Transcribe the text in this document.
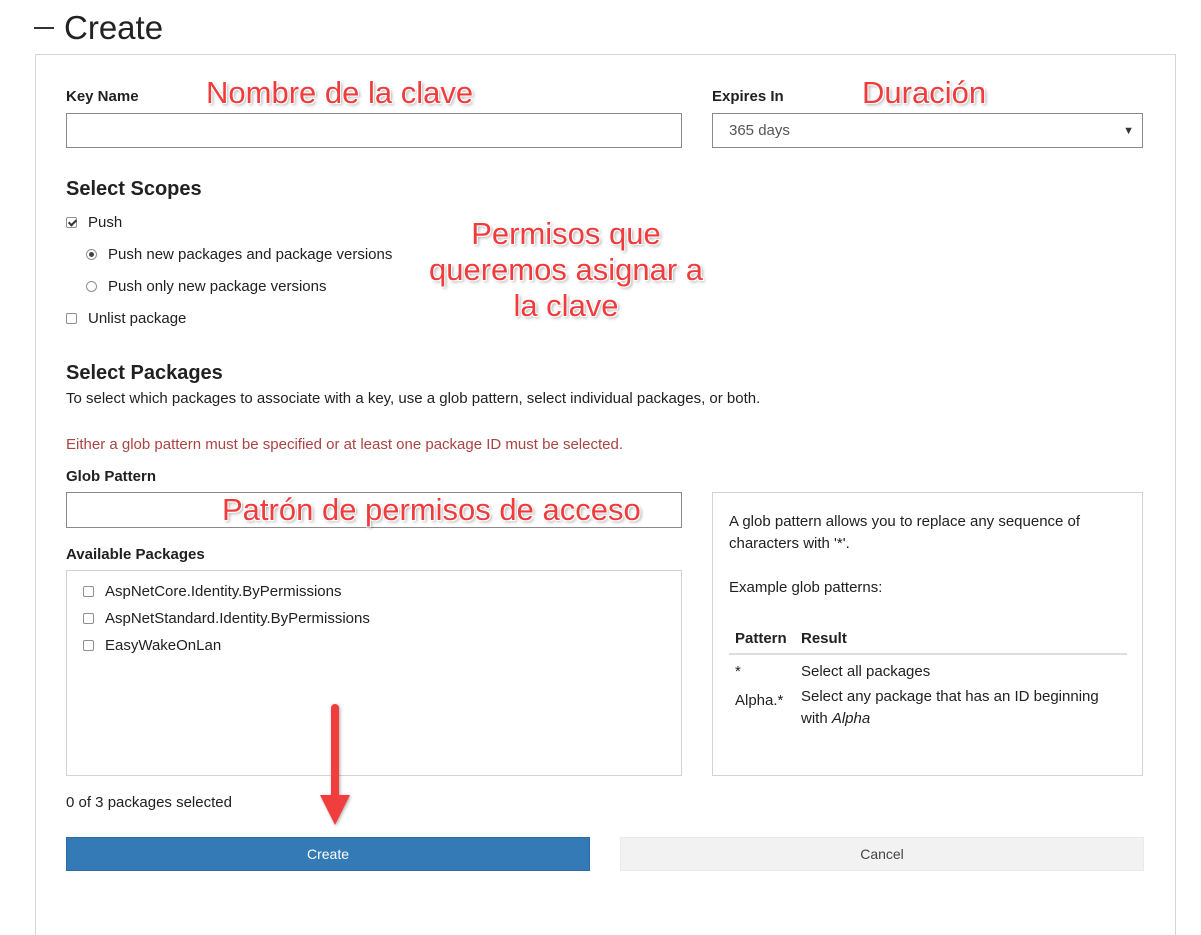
Create
Key Name	Expires In
365 days	▼
Select Scopes
Push
Push new packages and package versions
Push only new package versions
Unlist package
Select Packages
To select which packages to associate with a key, use a glob pattern, select individual packages, or both.
Either a glob pattern must be specified or at least one package ID must be selected.
Glob Pattern
Available Packages
AspNetCore.Identity.ByPermissions
AspNetStandard.Identity.ByPermissions
EasyWakeOnLan
A glob pattern allows you to replace any sequence of characters with '*'.
Example glob patterns:
Pattern	Result
*	Select all packages
Alpha.*	Select any package that has an ID beginning with Alpha
0 of 3 packages selected
Create	Cancel
Nombre de la clave	Duración
Permisos que
queremos asignar a
la clave
Patrón de permisos de acceso
